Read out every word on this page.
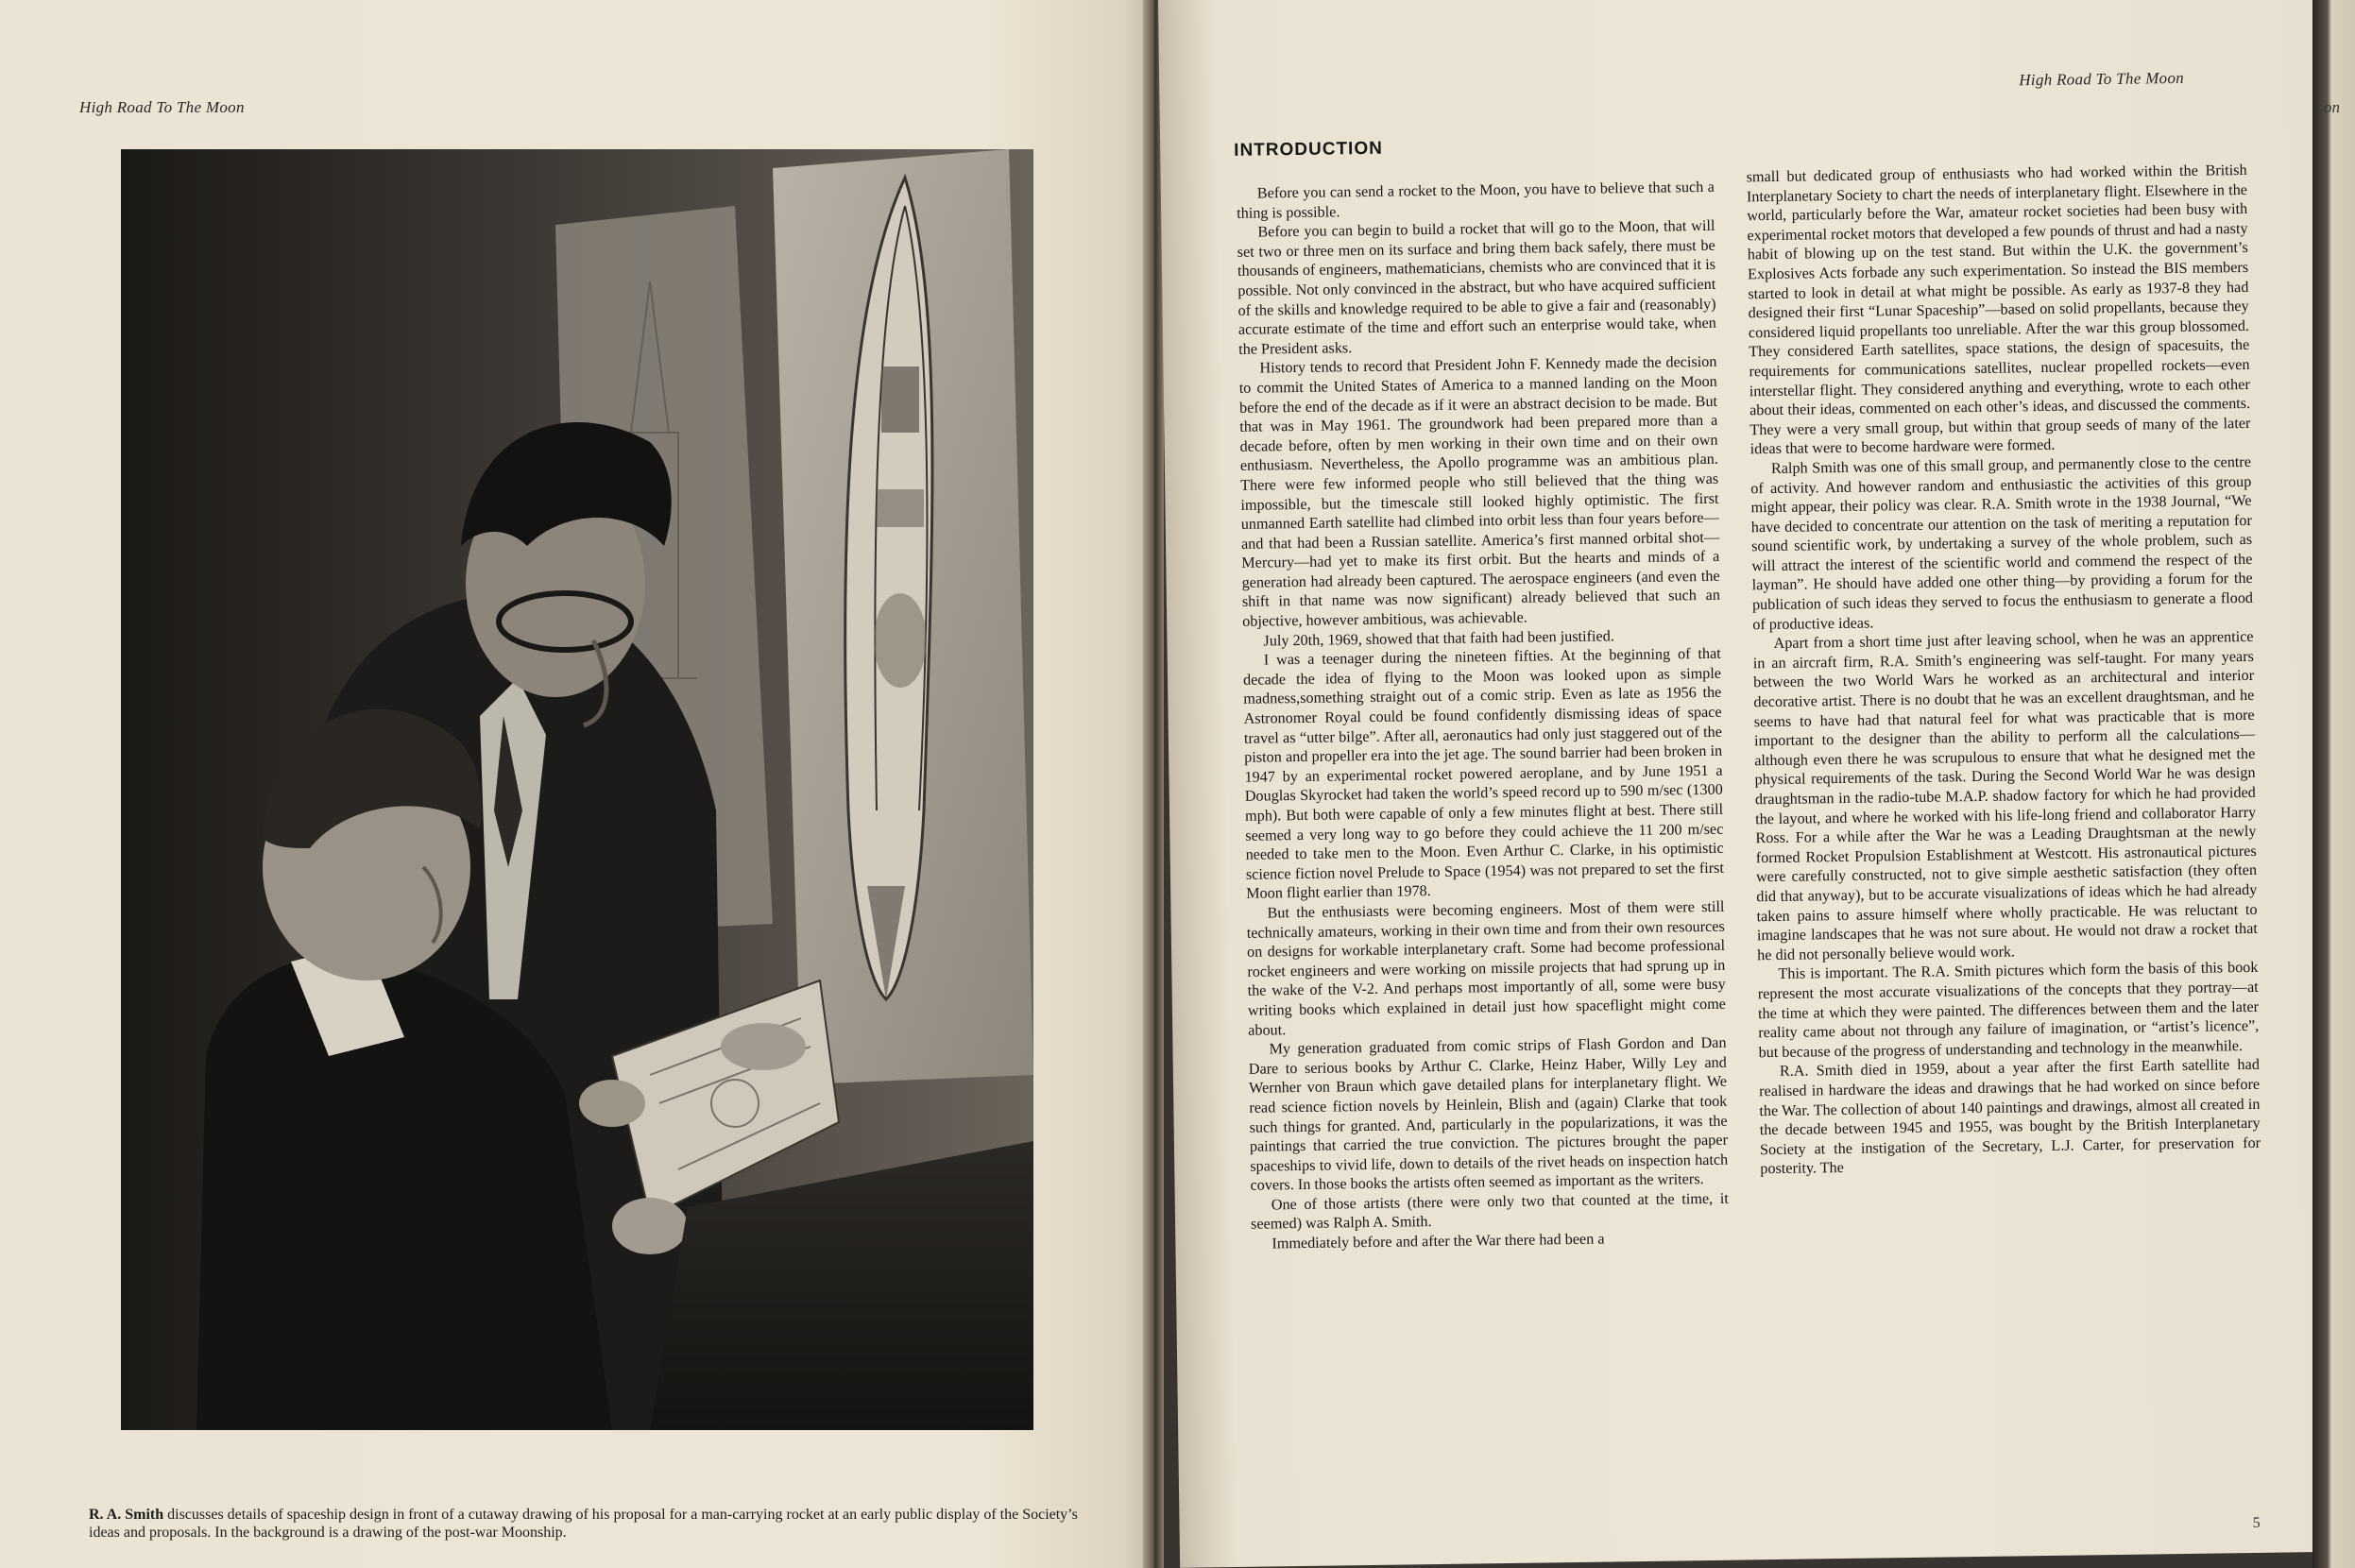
High Road To The Moon
R. A. Smith discusses details of spaceship design in front of a cutaway drawing of his proposal for a man-carrying rocket at an early public display of the Society’s ideas and proposals. In the background is a drawing of the post-war Moonship.
High Road To The Moon
INTRODUCTION

Before you can send a rocket to the Moon, you have to believe that such a thing is possible.

Before you can begin to build a rocket that will go to the Moon, that will set two or three men on its surface and bring them back safely, there must be thousands of engineers, mathematicians, chemists who are convinced that it is possible. Not only convinced in the abstract, but who have acquired sufficient of the skills and knowledge required to be able to give a fair and (reasonably) accurate estimate of the time and effort such an enterprise would take, when the President asks.

History tends to record that President John F. Kennedy made the decision to commit the United States of America to a manned landing on the Moon before the end of the decade as if it were an abstract decision to be made. But that was in May 1961. The groundwork had been prepared more than a decade before, often by men working in their own time and on their own enthusiasm. Nevertheless, the Apollo programme was an ambitious plan. There were few informed people who still believed that the thing was impossible, but the timescale still looked highly optimistic. The first unmanned Earth satellite had climbed into orbit less than four years before—and that had been a Russian satellite. America’s first manned orbital shot—Mercury—had yet to make its first orbit. But the hearts and minds of a generation had already been captured. The aerospace engineers (and even the shift in that name was now significant) already believed that such an objective, however ambitious, was achievable.

July 20th, 1969, showed that that faith had been justified.

I was a teenager during the nineteen fifties. At the beginning of that decade the idea of flying to the Moon was looked upon as simple madness,something straight out of a comic strip. Even as late as 1956 the Astronomer Royal could be found confidently dismissing ideas of space travel as “utter bilge”. After all, aeronautics had only just staggered out of the piston and propeller era into the jet age. The sound barrier had been broken in 1947 by an experimental rocket powered aeroplane, and by June 1951 a Douglas Skyrocket had taken the world’s speed record up to 590 m/sec (1300 mph). But both were capable of only a few minutes flight at best. There still seemed a very long way to go before they could achieve the 11 200 m/sec needed to take men to the Moon. Even Arthur C. Clarke, in his optimistic science fiction novel Prelude to Space (1954) was not prepared to set the first Moon flight earlier than 1978.

But the enthusiasts were becoming engineers. Most of them were still technically amateurs, working in their own time and from their own resources on designs for workable interplanetary craft. Some had become professional rocket engineers and were working on missile projects that had sprung up in the wake of the V-2. And perhaps most importantly of all, some were busy writing books which explained in detail just how spaceflight might come about.

My generation graduated from comic strips of Flash Gordon and Dan Dare to serious books by Arthur C. Clarke, Heinz Haber, Willy Ley and Wernher von Braun which gave detailed plans for interplanetary flight. We read science fiction novels by Heinlein, Blish and (again) Clarke that took such things for granted. And, particularly in the popularizations, it was the paintings that carried the true conviction. The pictures brought the paper spaceships to vivid life, down to details of the rivet heads on inspection hatch covers. In those books the artists often seemed as important as the writers.

One of those artists (there were only two that counted at the time, it seemed) was Ralph A. Smith.

Immediately before and after the War there had been a

small but dedicated group of enthusiasts who had worked within the British Interplanetary Society to chart the needs of interplanetary flight. Elsewhere in the world, particularly before the War, amateur rocket societies had been busy with experimental rocket motors that developed a few pounds of thrust and had a nasty habit of blowing up on the test stand. But within the U.K. the government’s Explosives Acts forbade any such experimentation. So instead the BIS members started to look in detail at what might be possible. As early as 1937-8 they had designed their first “Lunar Spaceship”—based on solid propellants, because they considered liquid propellants too unreliable. After the war this group blossomed. They considered Earth satellites, space stations, the design of spacesuits, the requirements for communications satellites, nuclear propelled rockets—even interstellar flight. They considered anything and everything, wrote to each other about their ideas, commented on each other’s ideas, and discussed the comments. They were a very small group, but within that group seeds of many of the later ideas that were to become hardware were formed.

Ralph Smith was one of this small group, and permanently close to the centre of activity. And however random and enthusiastic the activities of this group might appear, their policy was clear. R.A. Smith wrote in the 1938 Journal, “We have decided to concentrate our attention on the task of meriting a reputation for sound scientific work, by undertaking a survey of the whole problem, such as will attract the interest of the scientific world and commend the respect of the layman”. He should have added one other thing—by providing a forum for the publication of such ideas they served to focus the enthusiasm to generate a flood of productive ideas.

Apart from a short time just after leaving school, when he was an apprentice in an aircraft firm, R.A. Smith’s engineering was self-taught. For many years between the two World Wars he worked as an architectural and interior decorative artist. There is no doubt that he was an excellent draughtsman, and he seems to have had that natural feel for what was practicable that is more important to the designer than the ability to perform all the calculations—although even there he was scrupulous to ensure that what he designed met the physical requirements of the task. During the Second World War he was design draughtsman in the radio-tube M.A.P. shadow factory for which he had provided the layout, and where he worked with his life-long friend and collaborator Harry Ross. For a while after the War he was a Leading Draughtsman at the newly formed Rocket Propulsion Establishment at Westcott. His astronautical pictures were carefully constructed, not to give simple aesthetic satisfaction (they often did that anyway), but to be accurate visualizations of ideas which he had already taken pains to assure himself where wholly practicable. He was reluctant to imagine landscapes that he was not sure about. He would not draw a rocket that he did not personally believe would work.

This is important. The R.A. Smith pictures which form the basis of this book represent the most accurate visualizations of the concepts that they portray—at the time at which they were painted. The differences between them and the later reality came about not through any failure of imagination, or “artist’s licence”, but because of the progress of understanding and technology in the meanwhile.

R.A. Smith died in 1959, about a year after the first Earth satellite had realised in hardware the ideas and drawings that he had worked on since before the War. The collection of about 140 paintings and drawings, almost all created in the decade between 1945 and 1955, was bought by the British Interplanetary Society at the instigation of the Secretary, L.J. Carter, for preservation for posterity. The

5
on
